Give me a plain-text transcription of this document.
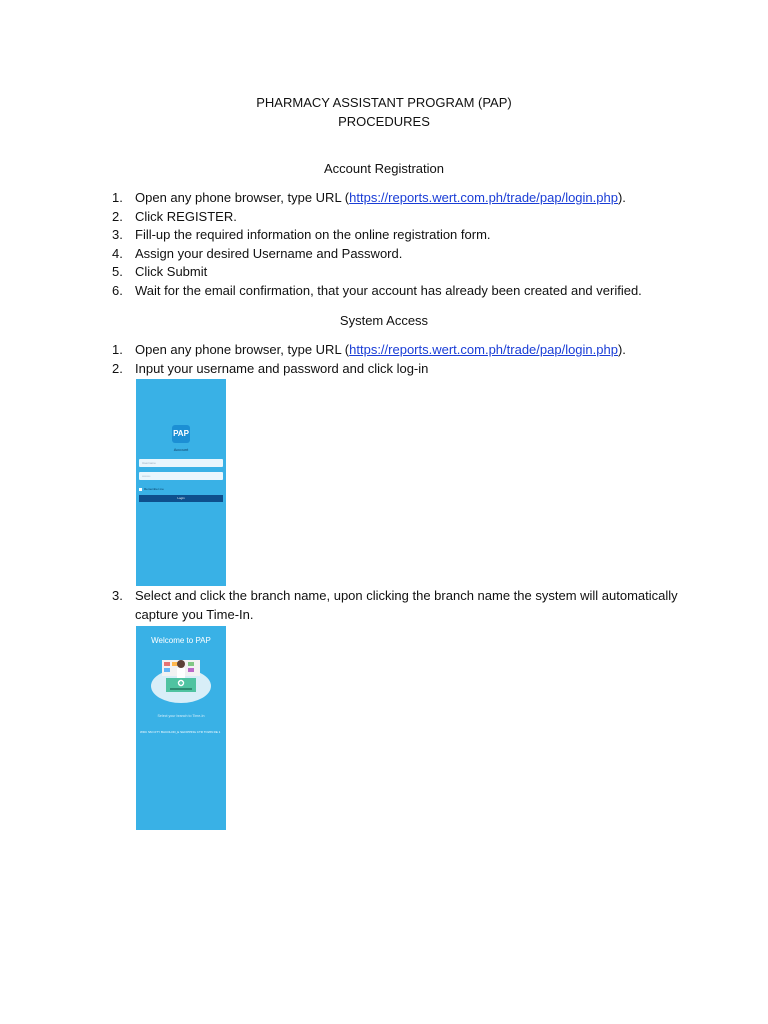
PHARMACY ASSISTANT PROGRAM (PAP)
PROCEDURES
Account Registration
1. Open any phone browser, type URL (https://reports.wert.com.ph/trade/pap/login.php).
2. Click REGISTER.
3. Fill-up the required information on the online registration form.
4. Assign your desired Username and Password.
5. Click Submit
6. Wait for the email confirmation, that your account has already been created and verified.
System Access
1. Open any phone browser, type URL (https://reports.wert.com.ph/trade/pap/login.php).
2. Input your username and password and click log-in
PAP
Account
Username
••••••••
Remember me
Login
3. Select and click the branch name, upon clicking the branch name the system will automatically
capture you Time-In.
Welcome to PAP
Select your branch to Time-In
WDC SM CITY BACOLOD_E SHOPPING CTR TOWN RE 1
